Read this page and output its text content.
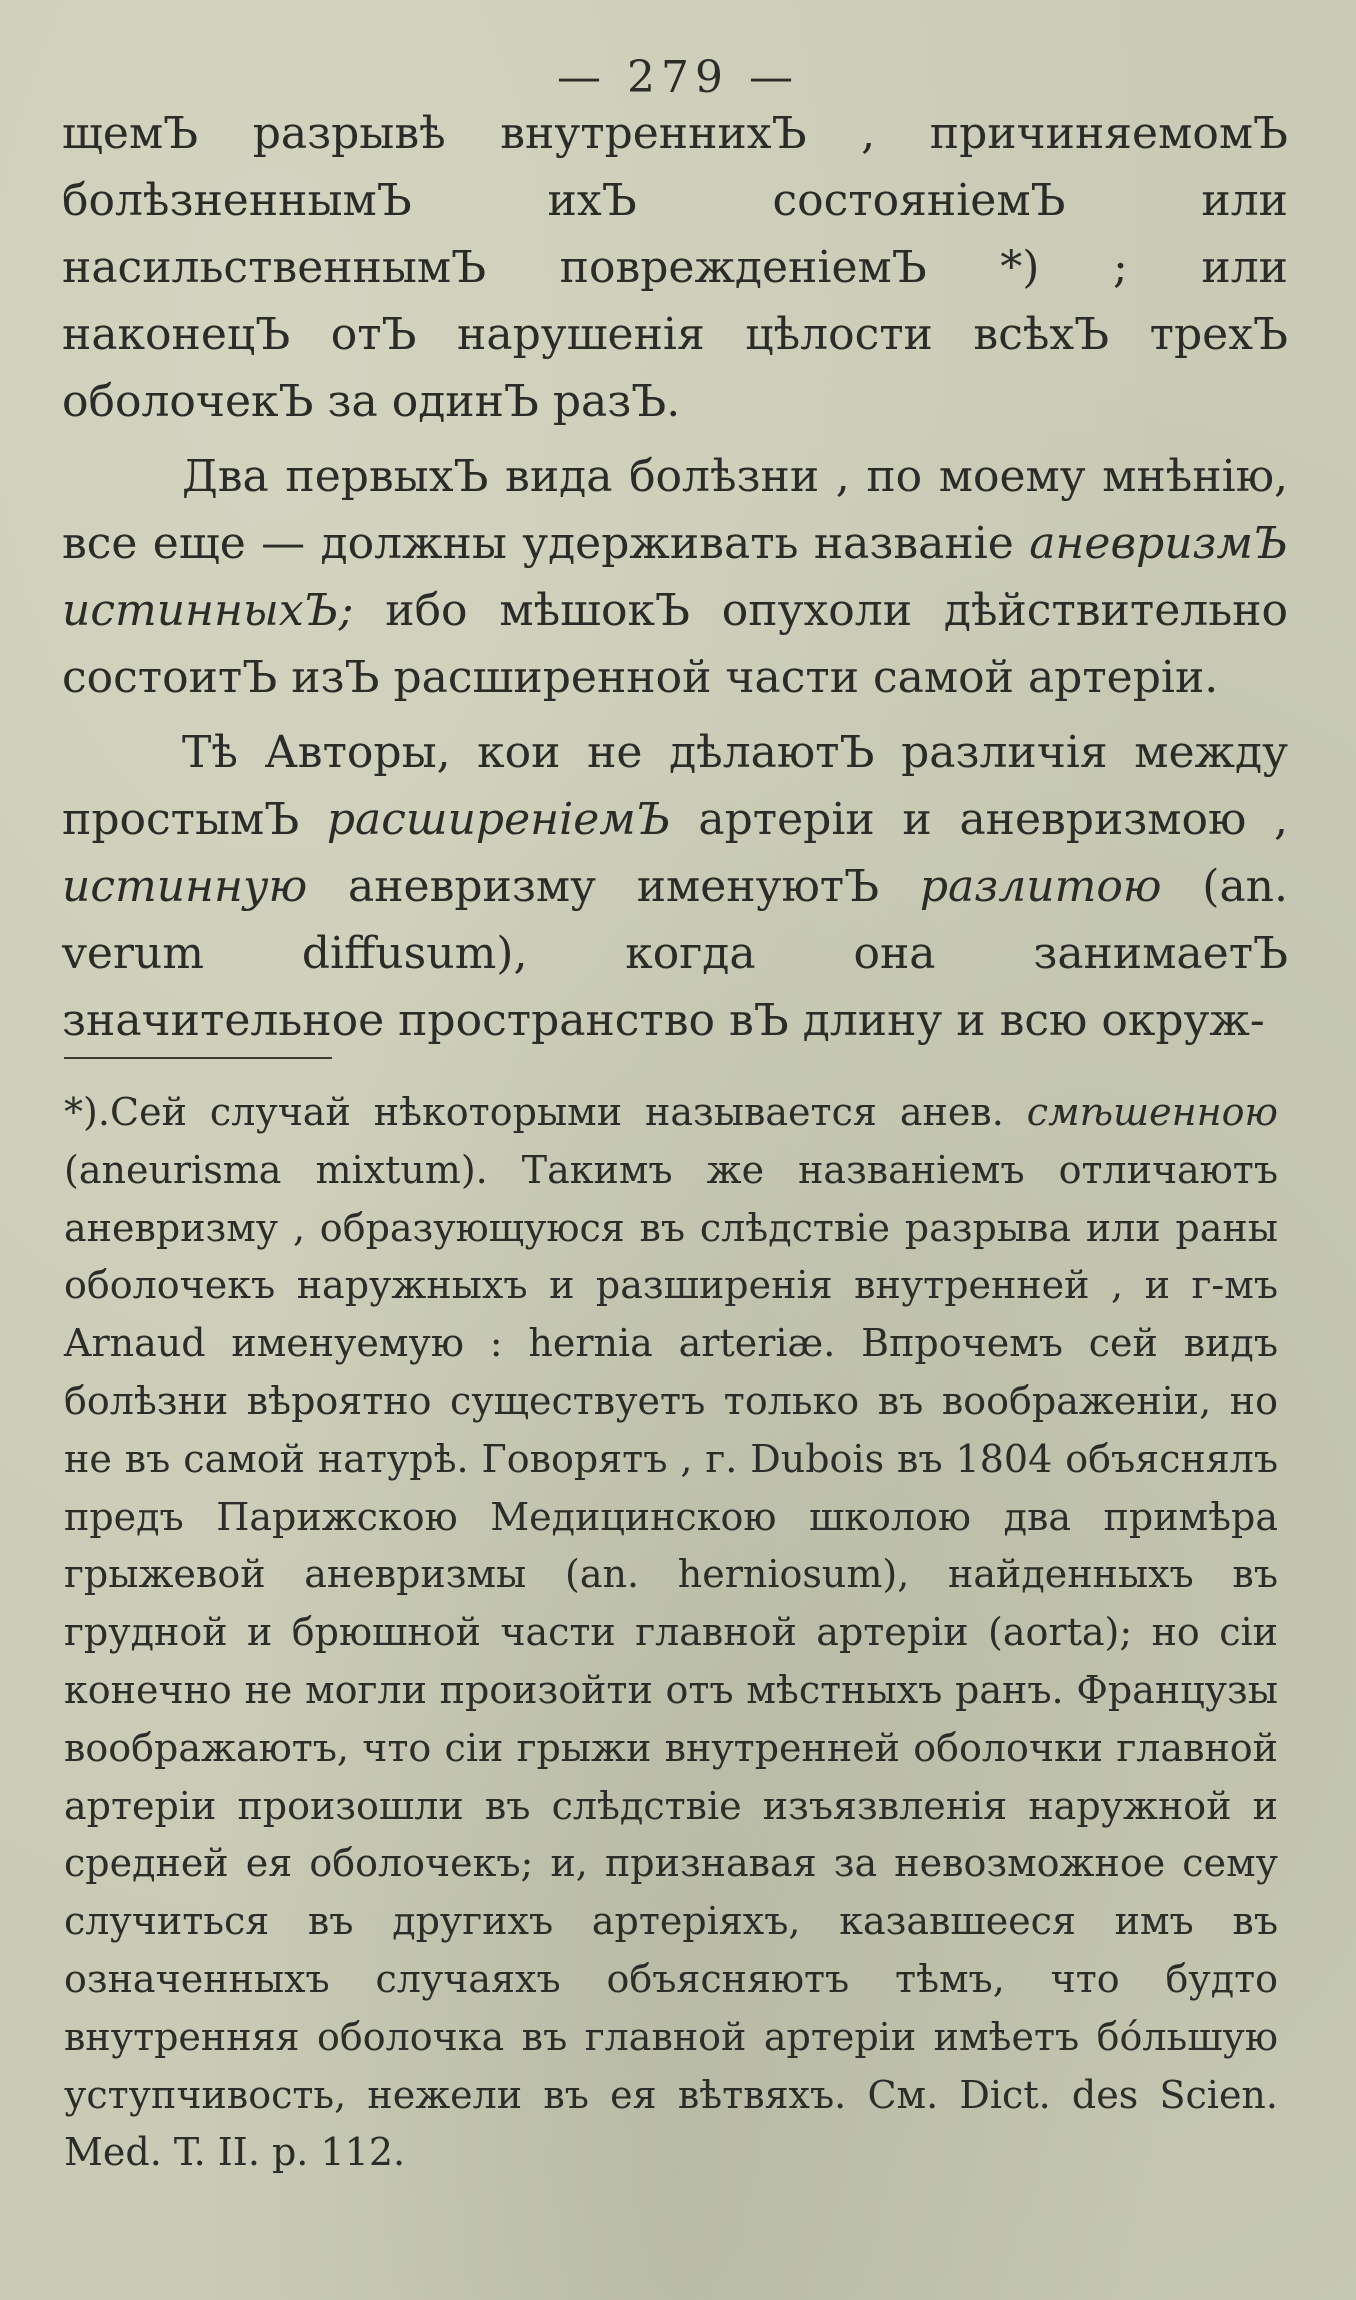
— 279 —

щемЪ разрывѣ внутреннихЪ , причиняемомЪ болѣзненнымЪ ихЪ состояніемЪ или насильственнымЪ поврежденіемЪ *) ; или наконецЪ отЪ нарушенія цѣлости всѣхЪ трехЪ оболочекЪ за одинЪ разЪ.

Два первыхЪ вида болѣзни , по моему мнѣнію, все еще — должны удерживать названіе аневризмЪ истинныхЪ; ибо мѣшокЪ опухоли дѣйствительно состоитЪ изЪ расширенной части самой артеріи.

Тѣ Авторы, кои не дѣлаютЪ различія между простымЪ расширеніемЪ артеріи и аневризмою , истинную аневризму именуютЪ разлитою (an. verum diffusum), когда она занимаетЪ значительное пространство вЪ длину и всю окруж-

*).Сей случай нѣкоторыми называется анев. смѣшенною (aneurisma mixtum). Такимъ же названіемъ отличаютъ аневризму , образующуюся въ слѣдствіе разрыва или раны оболочекъ наружныхъ и разширенія внутренней , и г-мъ Arnaud именуемую : hernia arteriæ. Впрочемъ сей видъ болѣзни вѣроятно существуетъ только въ воображеніи, но не въ самой натурѣ. Говорятъ , г. Dubois въ 1804 объяснялъ предъ Парижскою Медицинскою школою два примѣра грыжевой аневризмы (an. herniosum), найденныхъ въ грудной и брюшной части главной артеріи (aorta); но сіи конечно не могли произойти отъ мѣстныхъ ранъ. Французы воображаютъ, что сіи грыжи внутренней оболочки главной артеріи произошли въ слѣдствіе изъязвленія наружной и средней ея оболочекъ; и, признавая за невозможное сему случиться въ другихъ артеріяхъ, казавшееся имъ въ означенныхъ случаяхъ объясняютъ тѣмъ, что будто внутренняя оболочка въ главной артеріи имѣетъ бóльшую уступчивость, нежели въ ея вѣтвяхъ. См. Dict. des Scien. Med. T. II. p. 112.
